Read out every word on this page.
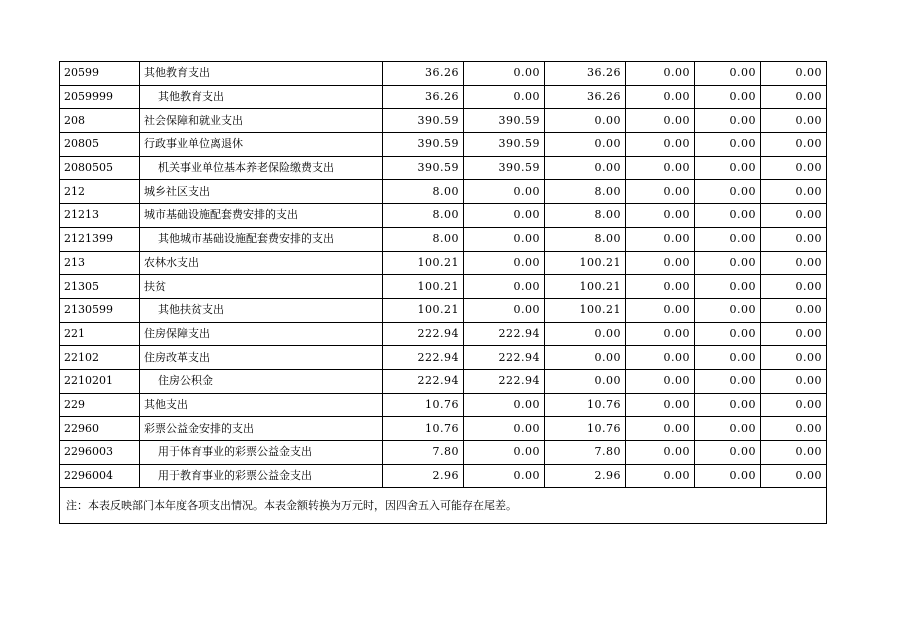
20599	其他教育支出	36.26	0.00	36.26	0.00	0.00	0.00
2059999	其他教育支出	36.26	0.00	36.26	0.00	0.00	0.00
208	社会保障和就业支出	390.59	390.59	0.00	0.00	0.00	0.00
20805	行政事业单位离退休	390.59	390.59	0.00	0.00	0.00	0.00
2080505	机关事业单位基本养老保险缴费支出	390.59	390.59	0.00	0.00	0.00	0.00
212	城乡社区支出	8.00	0.00	8.00	0.00	0.00	0.00
21213	城市基础设施配套费安排的支出	8.00	0.00	8.00	0.00	0.00	0.00
2121399	其他城市基础设施配套费安排的支出	8.00	0.00	8.00	0.00	0.00	0.00
213	农林水支出	100.21	0.00	100.21	0.00	0.00	0.00
21305	扶贫	100.21	0.00	100.21	0.00	0.00	0.00
2130599	其他扶贫支出	100.21	0.00	100.21	0.00	0.00	0.00
221	住房保障支出	222.94	222.94	0.00	0.00	0.00	0.00
22102	住房改革支出	222.94	222.94	0.00	0.00	0.00	0.00
2210201	住房公积金	222.94	222.94	0.00	0.00	0.00	0.00
229	其他支出	10.76	0.00	10.76	0.00	0.00	0.00
22960	彩票公益金安排的支出	10.76	0.00	10.76	0.00	0.00	0.00
2296003	用于体育事业的彩票公益金支出	7.80	0.00	7.80	0.00	0.00	0.00
2296004	用于教育事业的彩票公益金支出	2.96	0.00	2.96	0.00	0.00	0.00
注：本表反映部门本年度各项支出情况。本表金额转换为万元时，因四舍五入可能存在尾差。							
